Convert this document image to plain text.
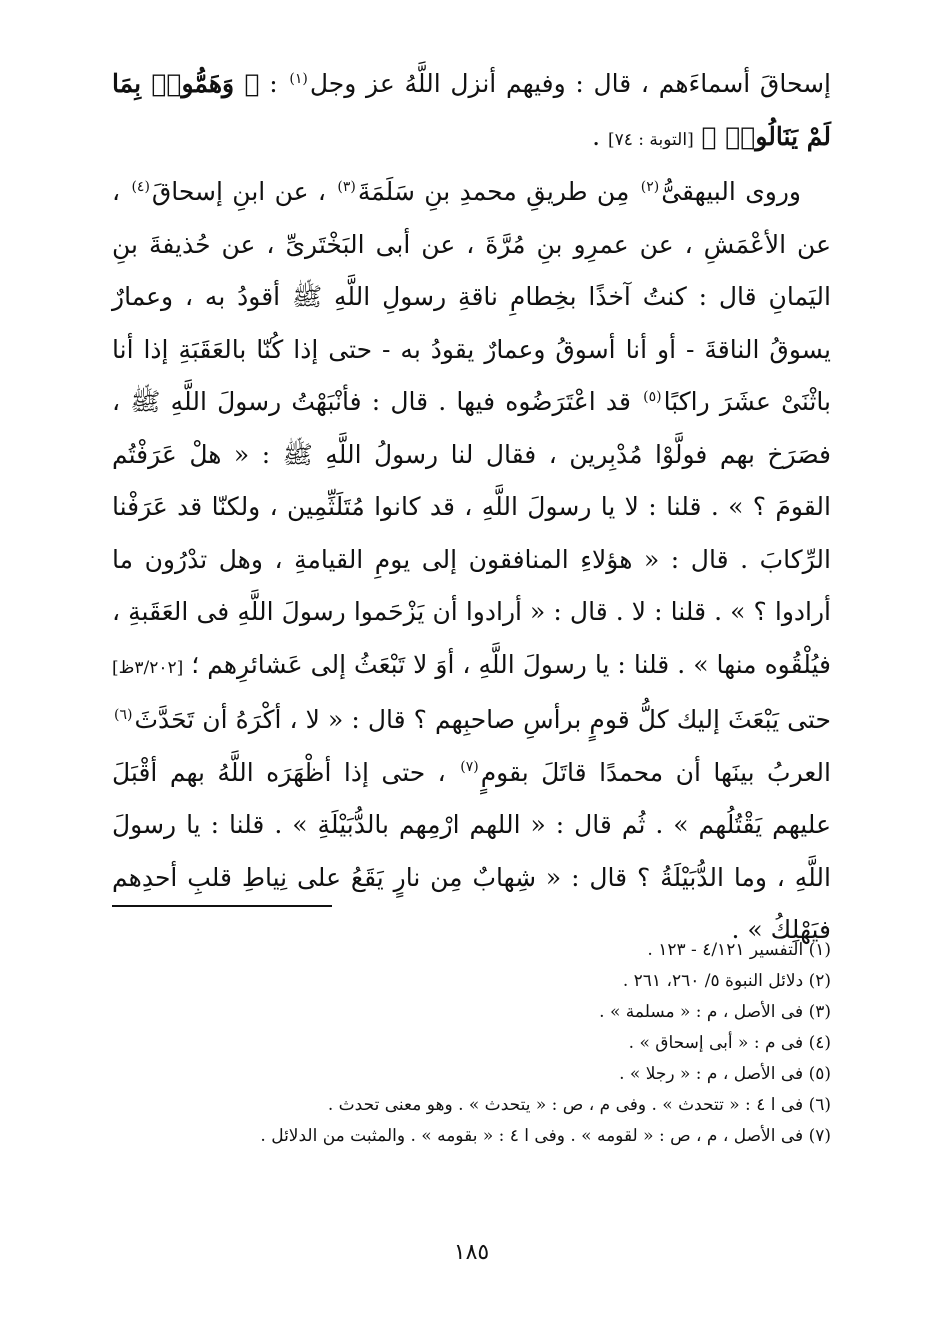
إسحاقَ أسماءَهم ، قال : وفيهم أنزل اللَّهُ عز وجل$^{(١)}$ : ﴿ وَهَمُّوا۟ بِمَا لَمْ يَنَالُوا۟ ﴾ [التوبة : ٧٤] .

وروى البيهقىُّ$^{(٢)}$ مِن طريقِ محمدِ بنِ سَلَمَةَ$^{(٣)}$ ، عن ابنِ إسحاقَ$^{(٤)}$ ، عن الأعْمَشِ ، عن عمرِو بنِ مُرَّةَ ، عن أبى البَخْتَرىِّ ، عن حُذيفةَ بنِ اليَمانِ قال : كنتُ آخذًا بخِطامِ ناقةِ رسولِ اللَّهِ ﷺ أقودُ به ، وعمارٌ يسوقُ الناقةَ - أو أنا أسوقُ وعمارٌ يقودُ به - حتى إذا كُنّا بالعَقَبَةِ إذا أنا باثْنَىْ عشَرَ راكبًا$^{(٥)}$ قد اعْتَرَضُوه فيها . قال : فأنْبَهْتُ رسولَ اللَّهِ ﷺ ، فصَرَخ بهم فولَّوْا مُدْبِرين ، فقال لنا رسولُ اللَّهِ ﷺ : « هلْ عَرَفْتُم القومَ ؟ » . قلنا : لا يا رسولَ اللَّهِ ، قد كانوا مُتَلَثِّمِين ، ولكنّا قد عَرَفْنا الرِّكابَ . قال : « هؤلاءِ المنافقون إلى يومِ القيامةِ ، وهل تدْرُون ما أرادوا ؟ » . قلنا : لا . قال : « أرادوا أن يَزْحَموا رسولَ اللَّهِ فى العَقَبةِ ، فيُلْقُوه منها » . قلنا : يا رسولَ اللَّهِ ، أوَ لا تَبْعَثُ إلى عَشائرِهم ؛ [٣/٢٠٢ظ] حتى يَبْعَثَ إليك كلُّ قومٍ برأسِ صاحبِهم ؟ قال : « لا ، أكْرَهُ أن تَحَدَّثَ$^{(٦)}$ العربُ بينَها أن محمدًا قاتَلَ بقومٍ$^{(٧)}$ ، حتى إذا أظْهَرَه اللَّهُ بهم أقْبَلَ عليهم يَقْتُلُهم » . ثُم قال : « اللهم ارْمِهم بالدُّبَيْلَةِ » . قلنا : يا رسولَ اللَّهِ ، وما الدُّبَيْلَةُ ؟ قال : « شِهابٌ مِن نارٍ يَقَعُ على نِياطِ قلبِ أحدِهم فيَهْلِكُ » .

(١) التفسير ٤/١٢١ - ١٢٣ .
(٢) دلائل النبوة ٥/ ٢٦٠، ٢٦١ .
(٣) فى الأصل ، م : « مسلمة » .
(٤) فى م : « أبى إسحاق » .
(٥) فى الأصل ، م : « رجلا » .
(٦) فى ا ٤ : « تتحدث » . وفى م ، ص : « يتحدث » . وهو معنى تحدث .
(٧) فى الأصل ، م ، ص : « لقومه » . وفى ا ٤ : « بقومه » . والمثبت من الدلائل .
١٨٥
